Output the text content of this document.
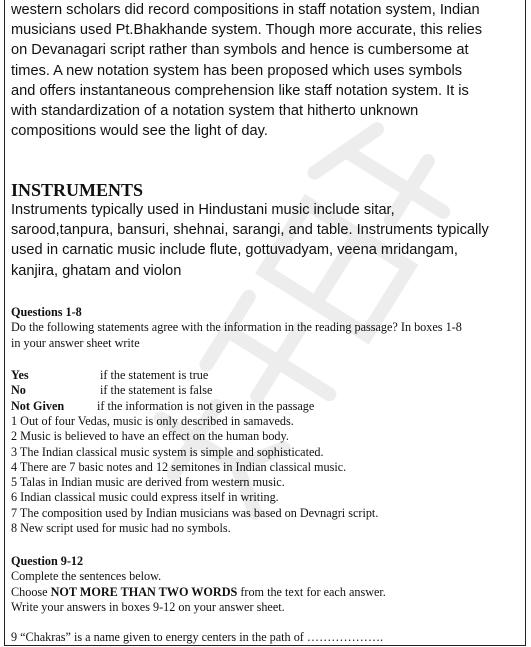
western scholars did record compositions in staff notation system, Indian
musicians used Pt.Bhakhande system. Though more accurate, this relies
on Devanagari script rather than symbols and hence is cumbersome at
times. A new notation system has been proposed which uses symbols
and offers instantaneous comprehension like staff notation system. It is
with standardization of a notation system that hitherto unknown
compositions would see the light of day.
INSTRUMENTS
Instruments typically used in Hindustani music include sitar,
sarood,tanpura, bansuri, shehnai, sarangi, and table. Instruments typically
used in carnatic music include flute, gottuvadyam, veena mridangam,
kanjira, ghatam and violon
Questions 1-8
Do the following statements agree with the information in the reading passage? In boxes 1-8
in your answer sheet write
Yes	if the statement is true
No	if the statement is false
Not Given	if the information is not given in the passage
1 Out of four Vedas, music is only described in samaveds.
2 Music is believed to have an effect on the human body.
3 The Indian classical music system is simple and sophisticated.
4 There are 7 basic notes and 12 semitones in Indian classical music.
5 Talas in Indian music are derived from western music.
6 Indian classical music could express itself in writing.
7 The composition used by Indian musicians was based on Devnagri script.
8 New script used for music had no symbols.
Question 9-12
Complete the sentences below.
Choose NOT MORE THAN TWO WORDS from the text for each answer.
Write your answers in boxes 9-12 on your answer sheet.
9 “Chakras” is a name given to energy centers in the path of ……………….
